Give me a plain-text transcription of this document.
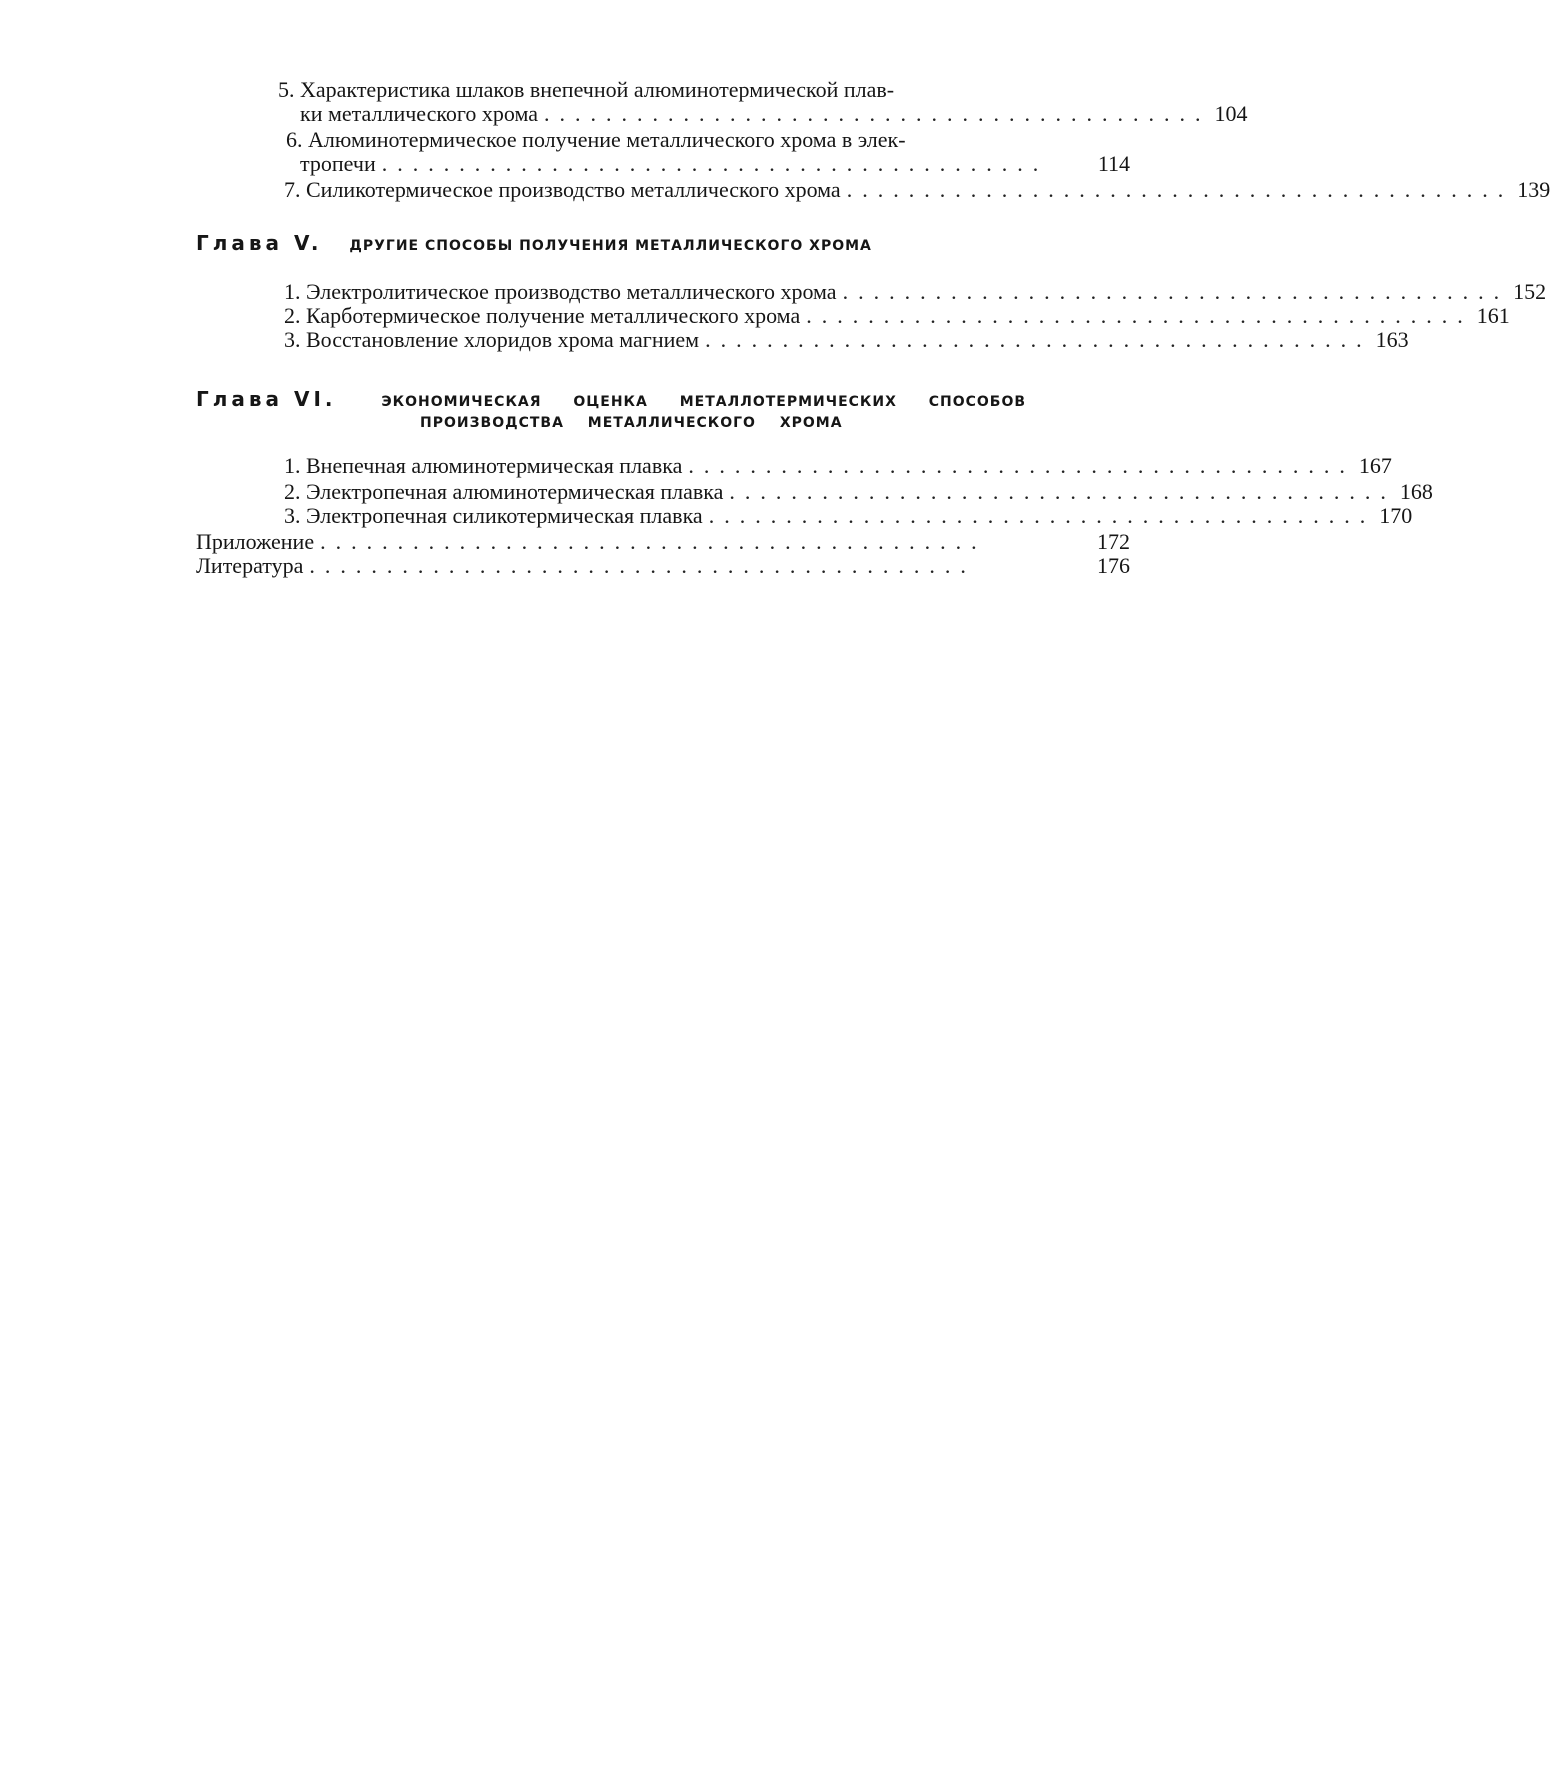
5. Характеристика шлаков внепечной алюминотермической плав-
ки металлического хрома ........................................... 104
6. Алюминотермическое получение металлического хрома в элек-
тропечи ...........................................	114
7. Силикотермическое производство металлического хрома ........................................... 139
Глава V. ДРУГИЕ СПОСОБЫ ПОЛУЧЕНИЯ МЕТАЛЛИЧЕСКОГО ХРОМА
1. Электролитическое производство металлического хрома ........................................... 152
2. Карботермическое получение металлического хрома ........................................... 161
3. Восстановление хлоридов хрома магнием ........................................... 163
Глава VI.	ЭКОНОМИЧЕСКАЯ ОЦЕНКА МЕТАЛЛОТЕРМИЧЕСКИХ СПОСОБОВ
ПРОИЗВОДСТВА МЕТАЛЛИЧЕСКОГО ХРОМА
1. Внепечная алюминотермическая плавка ........................................... 167
2. Электропечная алюминотермическая плавка ........................................... 168
3. Электропечная силикотермическая плавка ........................................... 170
Приложение ...........................................	172
Литература ...........................................	176
